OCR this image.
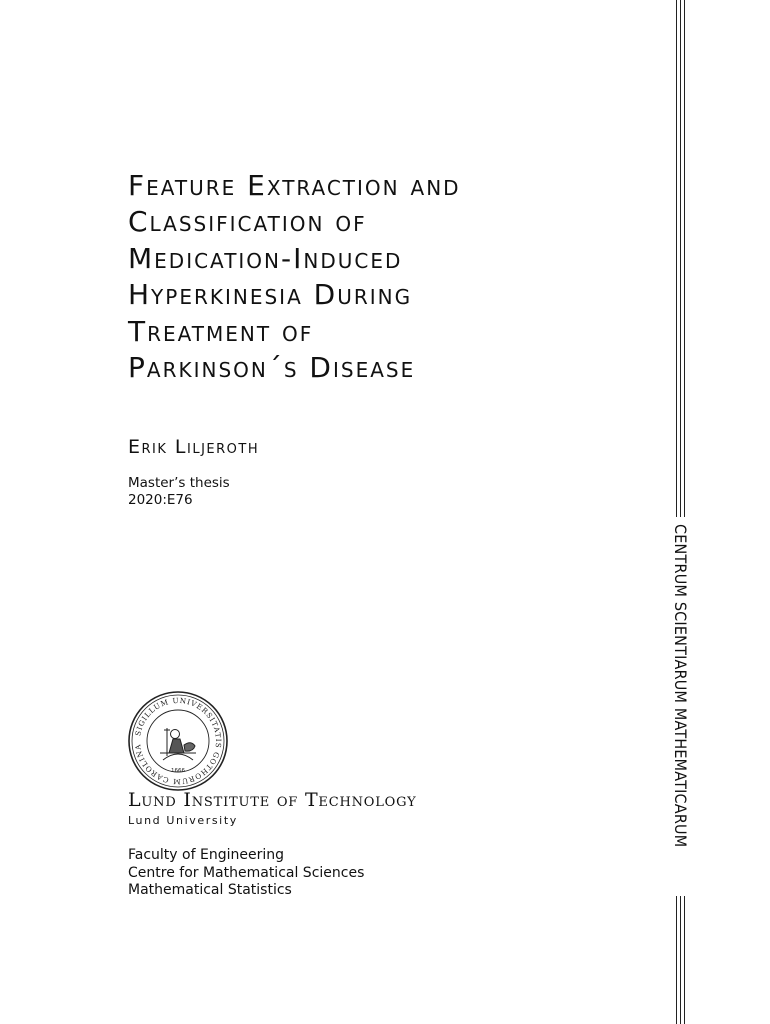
Feature Extraction and
Classification of
Medication-Induced
Hyperkinesia During
Treatment of
Parkinson´s Disease
Erik Liljeroth
Master’s thesis
2020:E76
SIGILLUM UNIVERSITATIS GOTHORUM CAROLINA
1666
Lund Institute of Technology
Lund University
Faculty of Engineering
Centre for Mathematical Sciences
Mathematical Statistics
CENTRUM SCIENTIARUM MATHEMATICARUM
